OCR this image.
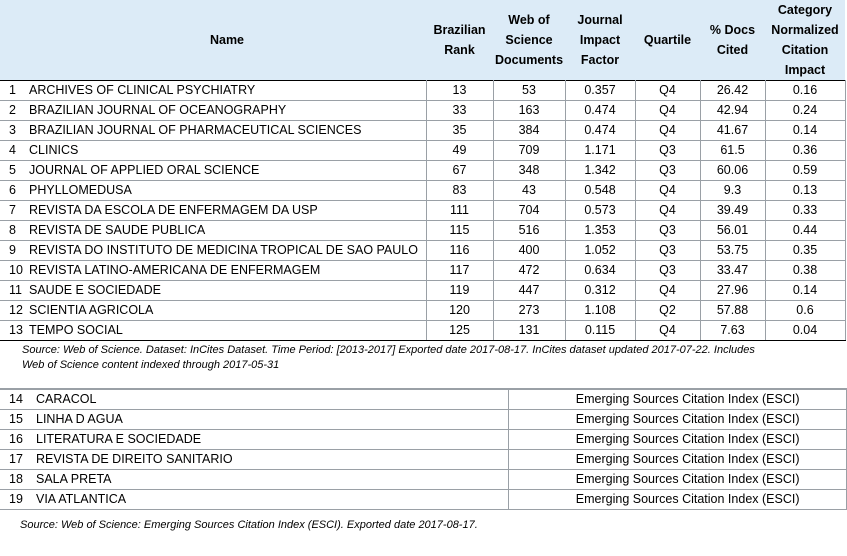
	Name	Brazilian Rank	Web of Science Documents	Journal Impact Factor	Quartile	% Docs Cited	Category Normalized Citation Impact
1	ARCHIVES OF CLINICAL PSYCHIATRY	13	53	0.357	Q4	26.42	0.16
2	BRAZILIAN JOURNAL OF OCEANOGRAPHY	33	163	0.474	Q4	42.94	0.24
3	BRAZILIAN JOURNAL OF PHARMACEUTICAL SCIENCES	35	384	0.474	Q4	41.67	0.14
4	CLINICS	49	709	1.171	Q3	61.5	0.36
5	JOURNAL OF APPLIED ORAL SCIENCE	67	348	1.342	Q3	60.06	0.59
6	PHYLLOMEDUSA	83	43	0.548	Q4	9.3	0.13
7	REVISTA DA ESCOLA DE ENFERMAGEM DA USP	111	704	0.573	Q4	39.49	0.33
8	REVISTA DE SAUDE PUBLICA	115	516	1.353	Q3	56.01	0.44
9	REVISTA DO INSTITUTO DE MEDICINA TROPICAL DE SAO PAULO	116	400	1.052	Q3	53.75	0.35
10	REVISTA LATINO-AMERICANA DE ENFERMAGEM	117	472	0.634	Q3	33.47	0.38
11	SAUDE E SOCIEDADE	119	447	0.312	Q4	27.96	0.14
12	SCIENTIA AGRICOLA	120	273	1.108	Q2	57.88	0.6
13	TEMPO SOCIAL	125	131	0.115	Q4	7.63	0.04
Source: Web of Science. Dataset: InCites Dataset. Time Period: [2013-2017] Exported date 2017-08-17. InCites dataset updated 2017-07-22. Includes
Web of Science content indexed through 2017-05-31
14	CARACOL	Emerging Sources Citation Index (ESCI)
15	LINHA D AGUA	Emerging Sources Citation Index (ESCI)
16	LITERATURA E SOCIEDADE	Emerging Sources Citation Index (ESCI)
17	REVISTA DE DIREITO SANITARIO	Emerging Sources Citation Index (ESCI)
18	SALA PRETA	Emerging Sources Citation Index (ESCI)
19	VIA ATLANTICA	Emerging Sources Citation Index (ESCI)
Source: Web of Science: Emerging Sources Citation Index (ESCI). Exported date 2017-08-17.
